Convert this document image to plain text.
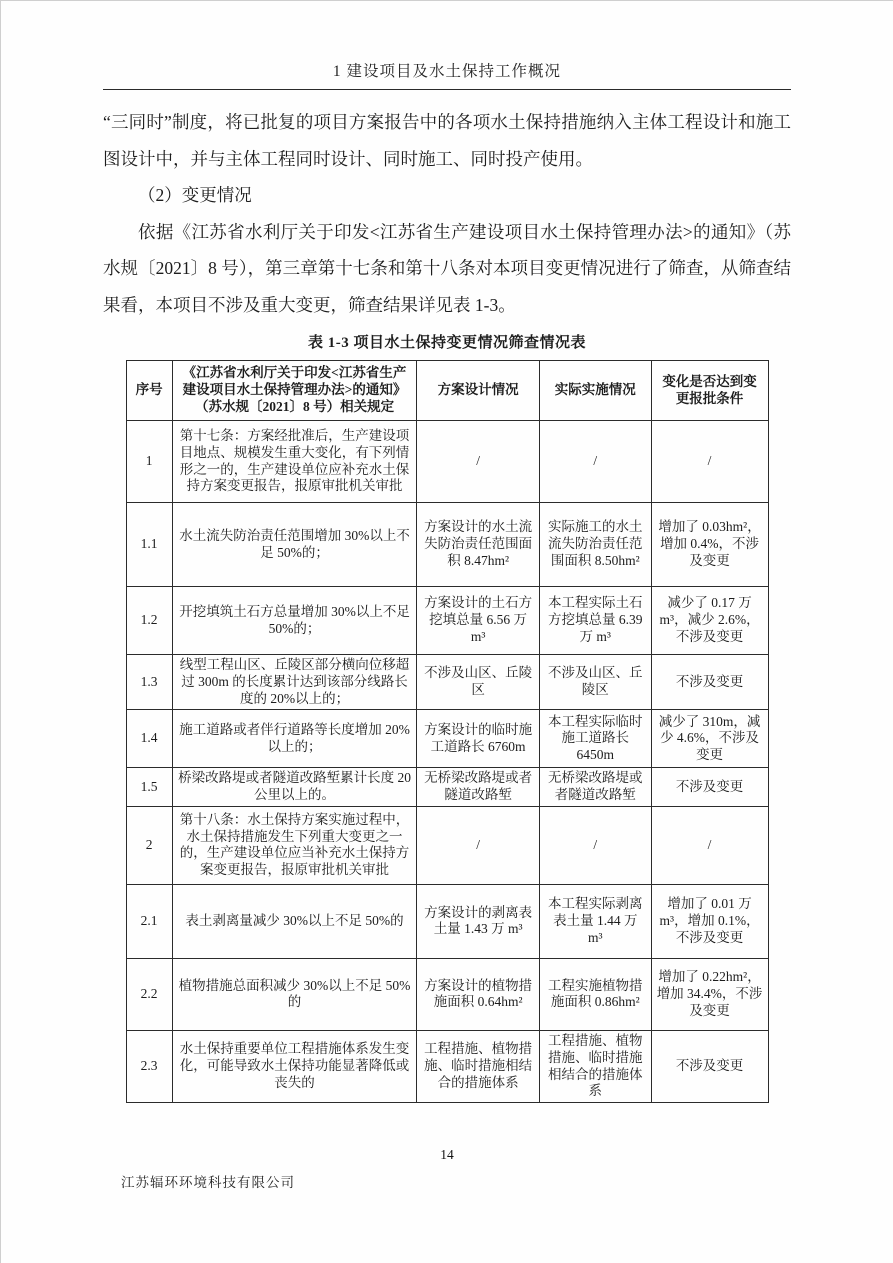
1 建设项目及水土保持工作概况

“三同时”制度，将已批复的项目方案报告中的各项水土保持措施纳入主体工程设计和施工图设计中，并与主体工程同时设计、同时施工、同时投产使用。

（2）变更情况

依据《江苏省水利厅关于印发<江苏省生产建设项目水土保持管理办法>的通知》（苏水规〔2021〕8 号），第三章第十七条和第十八条对本项目变更情况进行了筛查，从筛查结果看，本项目不涉及重大变更，筛查结果详见表 1-3。

表 1-3 项目水土保持变更情况筛查情况表
序号	《江苏省水利厅关于印发<江苏省生产建设项目水土保持管理办法>的通知》（苏水规〔2021〕8 号）相关规定	方案设计情况	实际实施情况	变化是否达到变更报批条件
1	第十七条：方案经批准后，生产建设项目地点、规模发生重大变化，有下列情形之一的，生产建设单位应补充水土保持方案变更报告，报原审批机关审批	/	/	/
1.1	水土流失防治责任范围增加 30%以上不足 50%的；	方案设计的水土流失防治责任范围面积 8.47hm²	实际施工的水土流失防治责任范围面积 8.50hm²	增加了 0.03hm²，增加 0.4%，不涉及变更
1.2	开挖填筑土石方总量增加 30%以上不足 50%的；	方案设计的土石方挖填总量 6.56 万 m³	本工程实际土石方挖填总量 6.39 万 m³	减少了 0.17 万 m³，减少 2.6%，不涉及变更
1.3	线型工程山区、丘陵区部分横向位移超过 300m 的长度累计达到该部分线路长度的 20%以上的；	不涉及山区、丘陵区	不涉及山区、丘陵区	不涉及变更
1.4	施工道路或者伴行道路等长度增加 20%以上的；	方案设计的临时施工道路长 6760m	本工程实际临时施工道路长 6450m	减少了 310m，减少 4.6%，不涉及变更
1.5	桥梁改路堤或者隧道改路堑累计长度 20 公里以上的。	无桥梁改路堤或者隧道改路堑	无桥梁改路堤或者隧道改路堑	不涉及变更
2	第十八条：水土保持方案实施过程中，水土保持措施发生下列重大变更之一的，生产建设单位应当补充水土保持方案变更报告，报原审批机关审批	/	/	/
2.1	表土剥离量减少 30%以上不足 50%的	方案设计的剥离表土量 1.43 万 m³	本工程实际剥离表土量 1.44 万 m³	增加了 0.01 万 m³，增加 0.1%，不涉及变更
2.2	植物措施总面积减少 30%以上不足 50%的	方案设计的植物措施面积 0.64hm²	工程实施植物措施面积 0.86hm²	增加了 0.22hm²，增加 34.4%，不涉及变更
2.3	水土保持重要单位工程措施体系发生变化，可能导致水土保持功能显著降低或丧失的	工程措施、植物措施、临时措施相结合的措施体系	工程措施、植物措施、临时措施相结合的措施体系	不涉及变更
14
江苏辐环环境科技有限公司
